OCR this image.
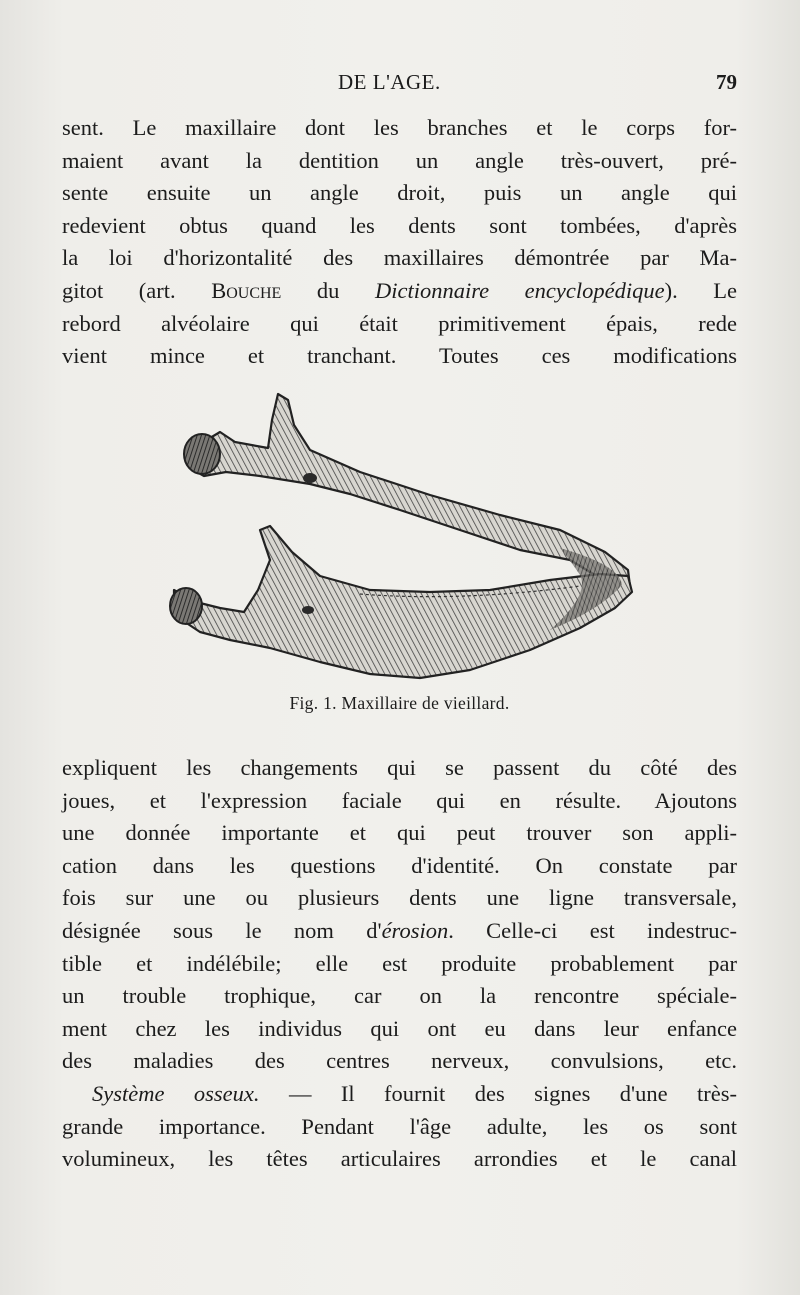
DE L'AGE.	79
sent. Le maxillaire dont les branches et le corps for-
maient avant la dentition un angle très-ouvert, pré-
sente ensuite un angle droit, puis un angle qui
redevient obtus quand les dents sont tombées, d'après
la loi d'horizontalité des maxillaires démontrée par Ma-
gitot (art. Bouche du Dictionnaire encyclopédique). Le
rebord alvéolaire qui était primitivement épais, rede
vient mince et tranchant. Toutes ces modifications
Fig. 1. Maxillaire de vieillard.
expliquent les changements qui se passent du côté des
joues, et l'expression faciale qui en résulte. Ajoutons
une donnée importante et qui peut trouver son appli-
cation dans les questions d'identité. On constate par
fois sur une ou plusieurs dents une ligne transversale,
désignée sous le nom d'érosion. Celle-ci est indestruc-
tible et indélébile; elle est produite probablement par
un trouble trophique, car on la rencontre spéciale-
ment chez les individus qui ont eu dans leur enfance
des maladies des centres nerveux, convulsions, etc.
Système osseux. — Il fournit des signes d'une très-
grande importance. Pendant l'âge adulte, les os sont
volumineux, les têtes articulaires arrondies et le canal
